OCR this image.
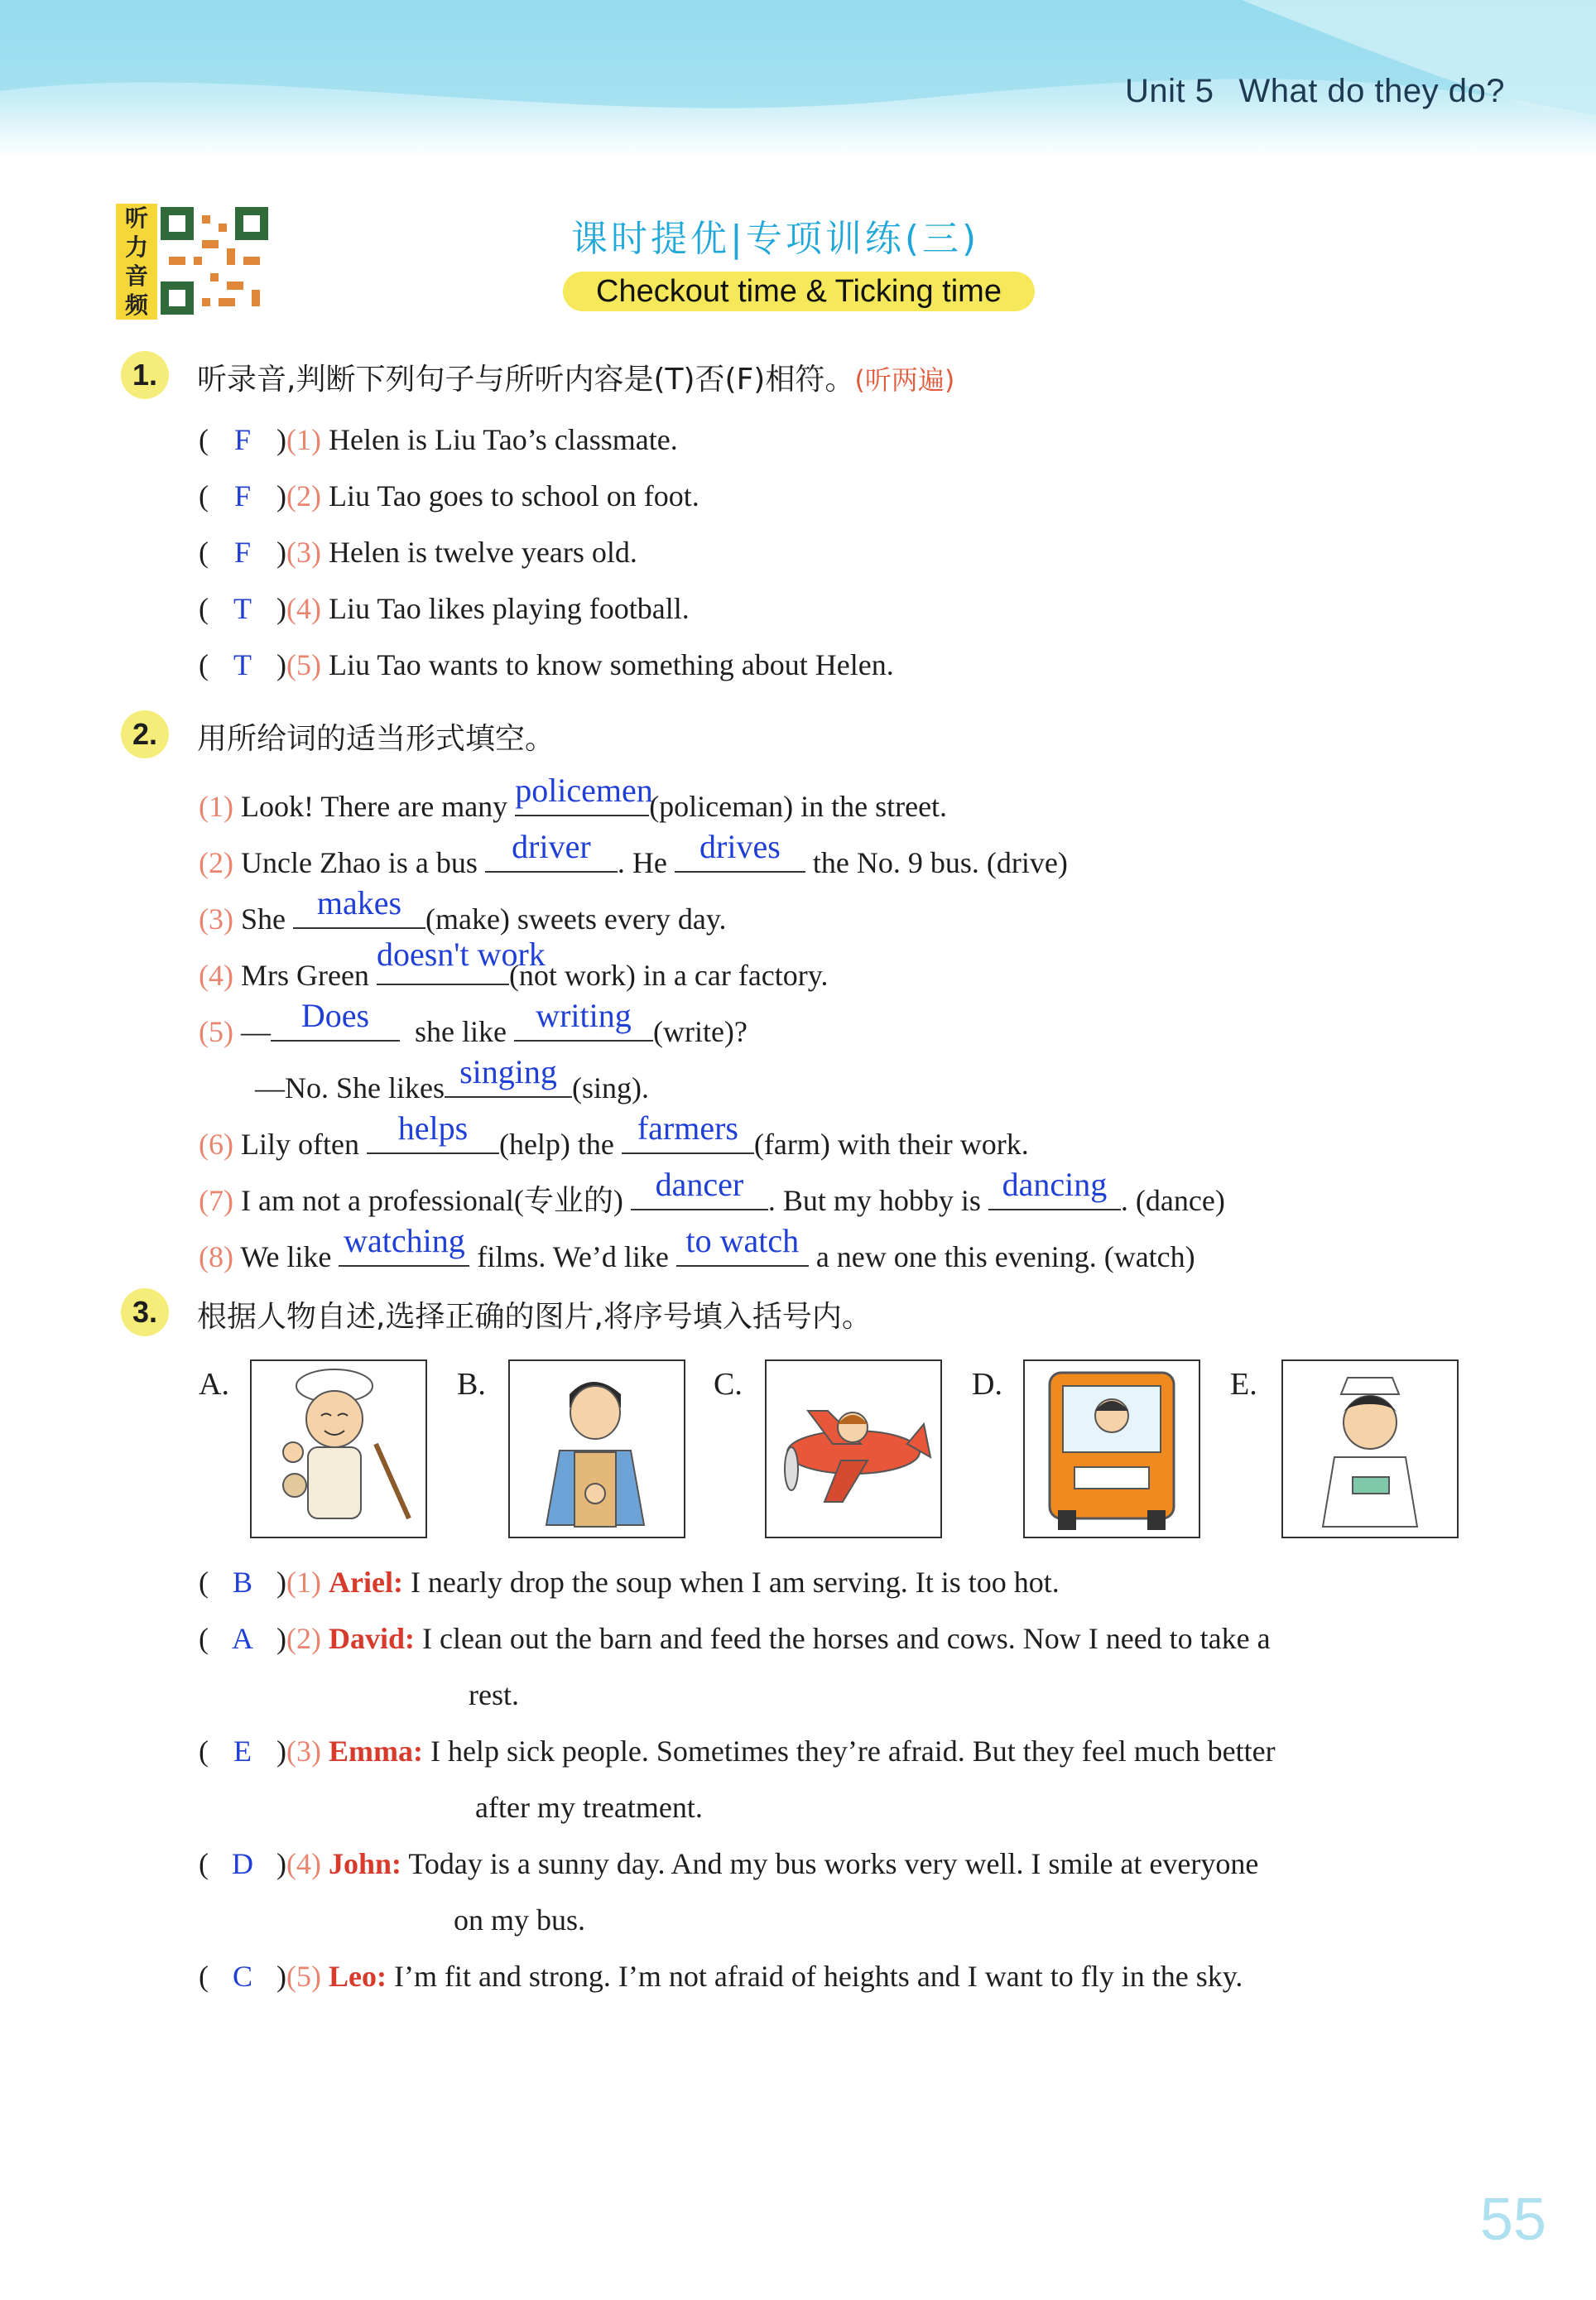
Unit 5 What do they do?
听
力
音
频
课时提优|专项训练(三)
Checkout time & Ticking time
1.	听录音,判断下列句子与所听内容是(T)否(F)相符。(听两遍)
( F )(1) Helen is Liu Tao’s classmate.
( F )(2) Liu Tao goes to school on foot.
( F )(3) Helen is twelve years old.
( T )(4) Liu Tao likes playing football.
( T )(5) Liu Tao wants to know something about Helen.
2.	用所给词的适当形式填空。
(1) Look! There are many policemen
(policeman) in the street.
(2) Uncle Zhao is a bus	driver . He drives	the No. 9 bus. (drive)
(3) She makes (make) sweets every day.
(4) Mrs Green
doesn't work
(not work) in a car factory.
(5) — Does	she like writing (write)?
—No. She likes singing (sing).
(6) Lily often	helps	(help) the farmers (farm) with their work.
(7) I am not a professional(专业的) dancer . But my hobby is dancing . (dance)
(8) We like watching films. We’d like to watch a new one this evening. (watch)
3.	根据人物自述,选择正确的图片,将序号填入括号内。
A.	B.	C.	D.	E.
( B )(1) Ariel: I nearly drop the soup when I am serving. It is too hot.
( A )(2) David: I clean out the barn and feed the horses and cows. Now I need to take a
rest.
( E )(3) Emma: I help sick people. Sometimes they’re afraid. But they feel much better
after my treatment.
( D )(4) John: Today is a sunny day. And my bus works very well. I smile at everyone
on my bus.
( C )(5) Leo: I’m fit and strong. I’m not afraid of heights and I want to fly in the sky.
55
